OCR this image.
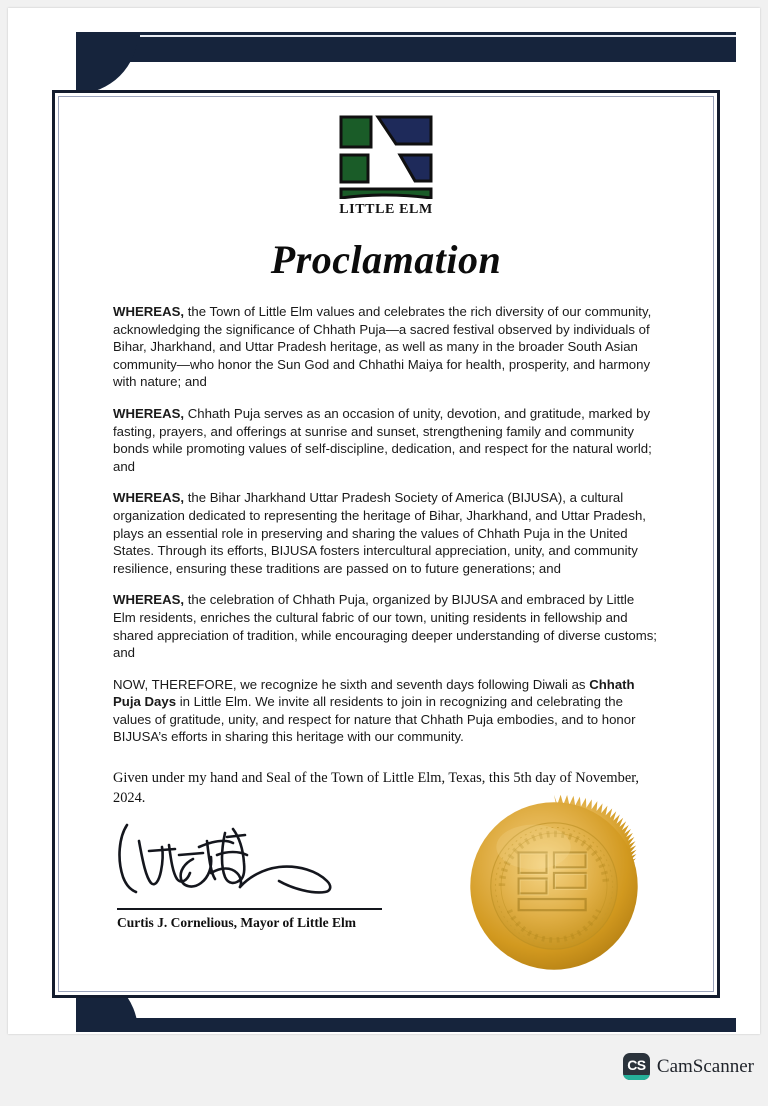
LITTLE ELM
Proclamation

WHEREAS, the Town of Little Elm values and celebrates the rich diversity of our community, acknowledging the significance of Chhath Puja—a sacred festival observed by individuals of Bihar, Jharkhand, and Uttar Pradesh heritage, as well as many in the broader South Asian community—who honor the Sun God and Chhathi Maiya for health, prosperity, and harmony with nature; and

WHEREAS, Chhath Puja serves as an occasion of unity, devotion, and gratitude, marked by fasting, prayers, and offerings at sunrise and sunset, strengthening family and community bonds while promoting values of self-discipline, dedication, and respect for the natural world; and

WHEREAS, the Bihar Jharkhand Uttar Pradesh Society of America (BIJUSA), a cultural organization dedicated to representing the heritage of Bihar, Jharkhand, and Uttar Pradesh, plays an essential role in preserving and sharing the values of Chhath Puja in the United States. Through its efforts, BIJUSA fosters intercultural appreciation, unity, and community resilience, ensuring these traditions are passed on to future generations; and

WHEREAS, the celebration of Chhath Puja, organized by BIJUSA and embraced by Little Elm residents, enriches the cultural fabric of our town, uniting residents in fellowship and shared appreciation of tradition, while encouraging deeper understanding of diverse customs; and

NOW, THEREFORE, we recognize he sixth and seventh days following Diwali as Chhath Puja Days in Little Elm. We invite all residents to join in recognizing and celebrating the values of gratitude, unity, and respect for nature that Chhath Puja embodies, and to honor BIJUSA’s efforts in sharing this heritage with our community.

Given under my hand and Seal of the Town of Little Elm, Texas, this 5th day of November, 2024.

Curtis J. Cornelious, Mayor of Little Elm
CS CamScanner
